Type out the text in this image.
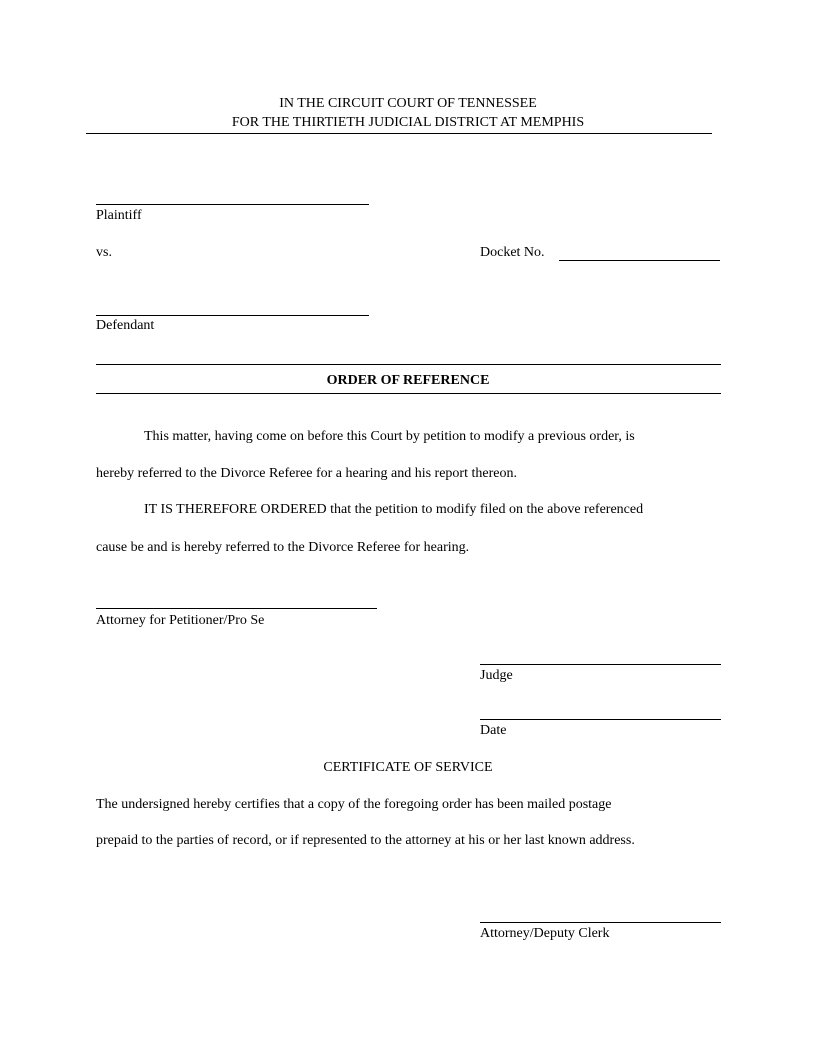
IN THE CIRCUIT COURT OF TENNESSEE
FOR THE THIRTIETH JUDICIAL DISTRICT AT MEMPHIS
Plaintiff
vs.	Docket No.
Defendant
ORDER OF REFERENCE
This matter, having come on before this Court by petition to modify a previous order, is
hereby referred to the Divorce Referee for a hearing and his report thereon.
IT IS THEREFORE ORDERED that the petition to modify filed on the above referenced
cause be and is hereby referred to the Divorce Referee for hearing.
Attorney for Petitioner/Pro Se
Judge
Date
CERTIFICATE OF SERVICE
The undersigned hereby certifies that a copy of the foregoing order has been mailed postage
prepaid to the parties of record, or if represented to the attorney at his or her last known address.
Attorney/Deputy Clerk
